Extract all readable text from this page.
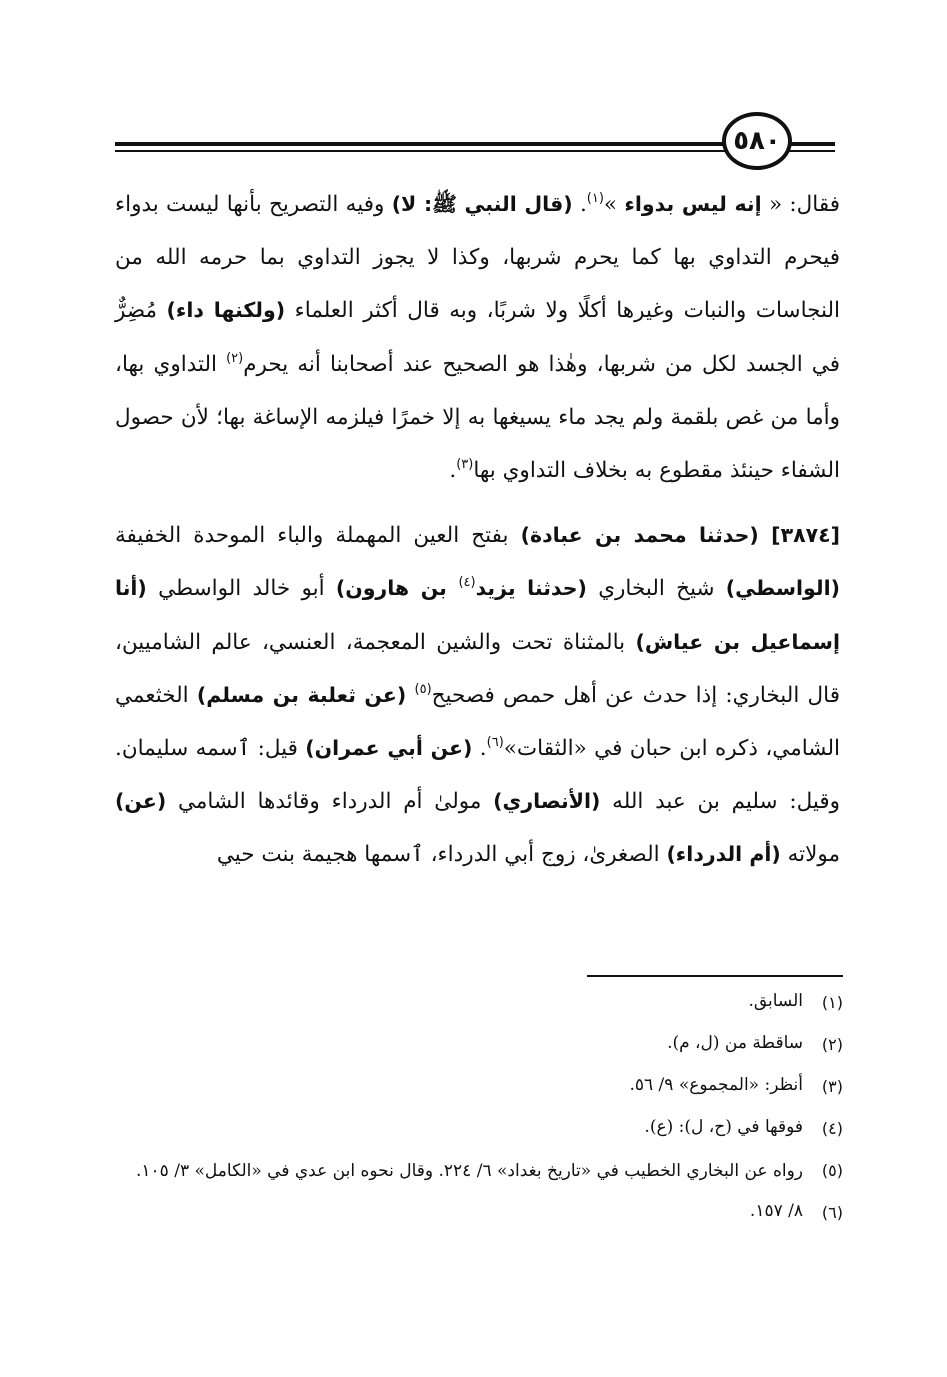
٥٨٠

فقال: « إنه ليس بدواء »$^{(١)}$. (قال النبي ﷺ: لا) وفيه التصريح بأنها ليست بدواء فيحرم التداوي بها كما يحرم شربها، وكذا لا يجوز التداوي بما حرمه الله من النجاسات والنبات وغيرها أكلًا ولا شربًا، وبه قال أكثر العلماء (ولكنها داء) مُضِرٌّ في الجسد لكل من شربها، وهٰذا هو الصحيح عند أصحابنا أنه يحرم$^{(٢)}$ التداوي بها، وأما من غص بلقمة ولم يجد ماء يسيغها به إلا خمرًا فيلزمه الإساغة بها؛ لأن حصول الشفاء حينئذ مقطوع به بخلاف التداوي بها$^{(٣)}$.

[٣٨٧٤] (حدثنا محمد بن عبادة) بفتح العين المهملة والباء الموحدة الخفيفة (الواسطي) شيخ البخاري (حدثنا يزيد$^{(٤)}$ بن هارون) أبو خالد الواسطي (أنا إسماعيل بن عياش) بالمثناة تحت والشين المعجمة، العنسي، عالم الشاميين، قال البخاري: إذا حدث عن أهل حمص فصحيح$^{(٥)}$ (عن ثعلبة بن مسلم) الخثعمي الشامي، ذكره ابن حبان في «الثقات»$^{(٦)}$. (عن أبي عمران) قيل: ٱسمه سليمان. وقيل: سليم بن عبد الله (الأنصاري) مولىٰ أم الدرداء وقائدها الشامي (عن) مولاته (أم الدرداء) الصغرىٰ، زوج أبي الدرداء، ٱسمها هجيمة بنت حيي

(١)
السابق.
(٢)
ساقطة من (ل، م).
(٣)
أنظر: «المجموع» ٩/ ٥٦.
(٤)
فوقها في (ح، ل): (ع).
(٥)
رواه عن البخاري الخطيب في «تاريخ بغداد» ٦/ ٢٢٤. وقال نحوه ابن عدي في «الكامل» ٣/ ١٠٥.
(٦)
٨/ ١٥٧.
